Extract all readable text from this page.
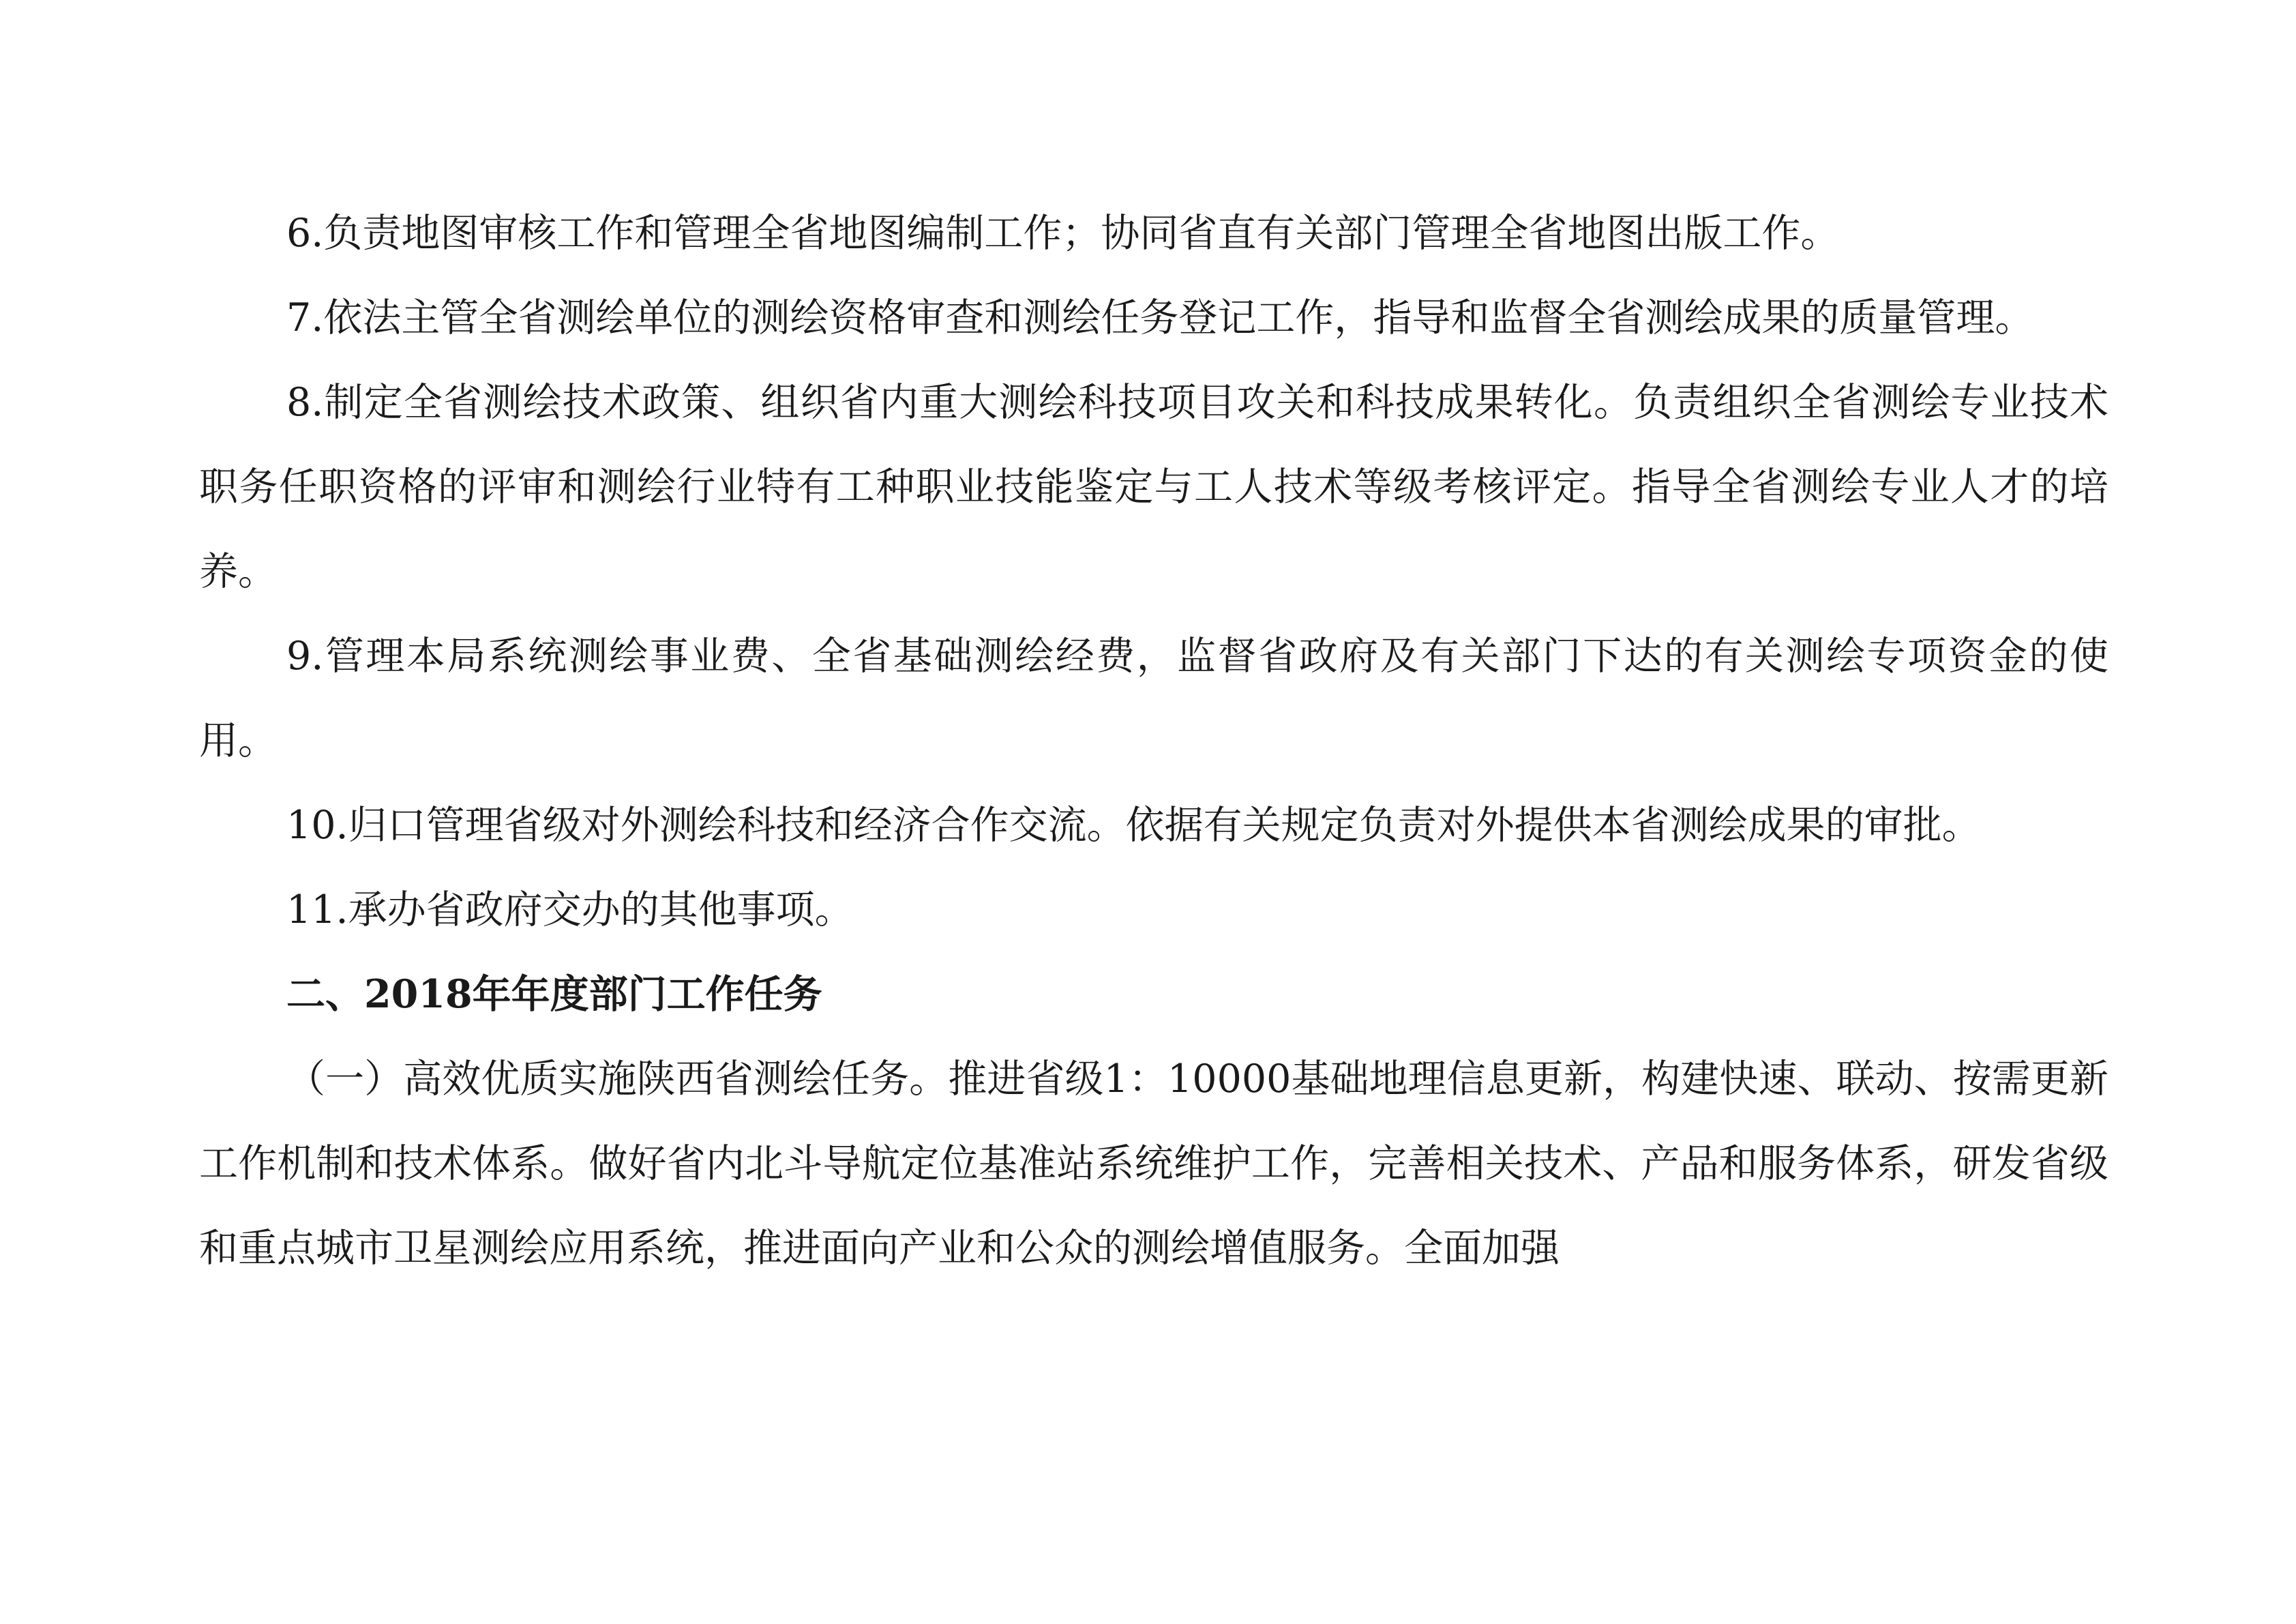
6.负责地图审核工作和管理全省地图编制工作；协同省直有关部门管理全省地图出版工作。

7.依法主管全省测绘单位的测绘资格审查和测绘任务登记工作，指导和监督全省测绘成果的质量管理。

8.制定全省测绘技术政策、组织省内重大测绘科技项目攻关和科技成果转化。负责组织全省测绘专业技术职务任职资格的评审和测绘行业特有工种职业技能鉴定与工人技术等级考核评定。指导全省测绘专业人才的培养。

9.管理本局系统测绘事业费、全省基础测绘经费，监督省政府及有关部门下达的有关测绘专项资金的使用。

10.归口管理省级对外测绘科技和经济合作交流。依据有关规定负责对外提供本省测绘成果的审批。

11.承办省政府交办的其他事项。

二、2018年年度部门工作任务

（一）高效优质实施陕西省测绘任务。推进省级1：10000基础地理信息更新，构建快速、联动、按需更新工作机制和技术体系。做好省内北斗导航定位基准站系统维护工作，完善相关技术、产品和服务体系，研发省级和重点城市卫星测绘应用系统，推进面向产业和公众的测绘增值服务。全面加强
